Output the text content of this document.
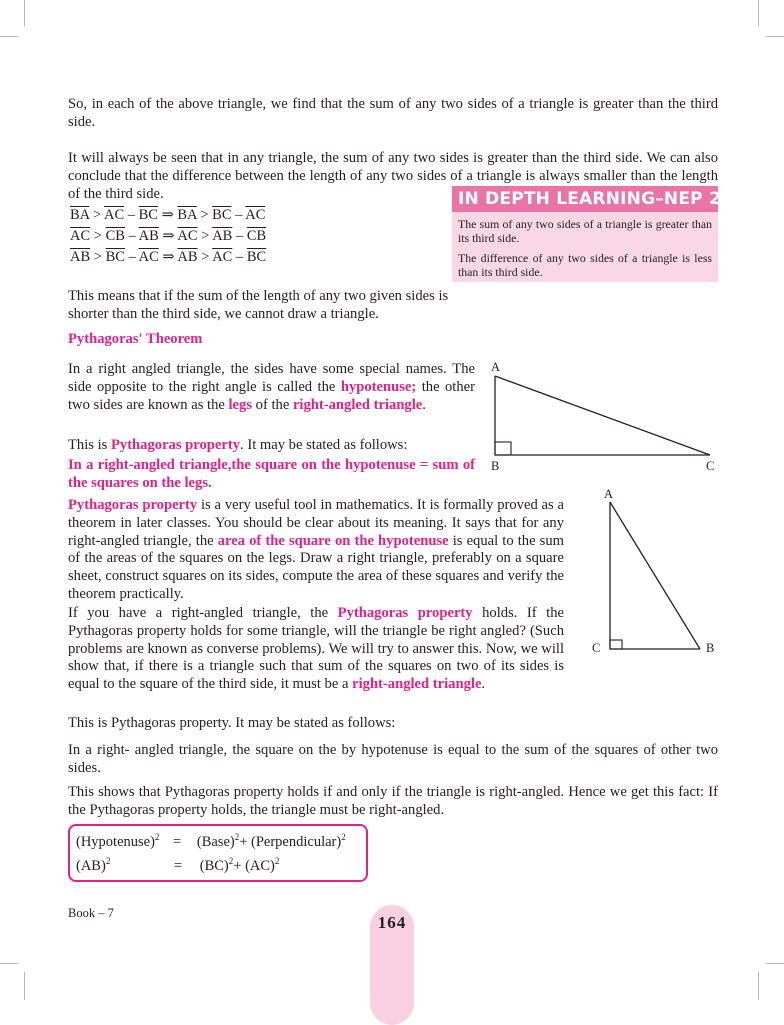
So, in each of the above triangle, we find that the sum of any two sides of a triangle is greater than the third side.

It will always be seen that in any triangle, the sum of any two sides is greater than the third side. We can also conclude that the difference between the length of any two sides of a triangle is always smaller than the length of the third side.

$\overline{BA} > \overline{AC} - \overline{BC}$ ⇒ $\overline{BA} > \overline{BC} - \overline{AC}$
$\overline{AC} > \overline{CB} - \overline{AB}$ ⇒ $\overline{AC} > \overline{AB} - \overline{CB}$
$\overline{AB} > \overline{BC} - \overline{AC}$ ⇒ $\overline{AB} > \overline{AC} - \overline{BC}$
IN DEPTH LEARNING–NEP 2020

The sum of any two sides of a triangle is greater than its third side.

The difference of any two sides of a triangle is less than its third side.

This means that if the sum of the length of any two given sides is shorter than the third side, we cannot draw a triangle.

Pythagoras' Theorem

In a right angled triangle, the sides have some special names. The side opposite to the right angle is called the hypotenuse; the other two sides are known as the legs of the right-angled triangle.

This is Pythagoras property. It may be stated as follows:

In a right-angled triangle,the square on the hypotenuse = sum of the squares on the legs.

A
B	C

Pythagoras property is a very useful tool in mathematics. It is formally proved as a theorem in later classes. You should be clear about its meaning. It says that for any right-angled triangle, the area of the square on the hypotenuse is equal to the sum of the areas of the squares on the legs. Draw a right triangle, preferably on a square sheet, construct squares on its sides, compute the area of these squares and verify the theorem practically.

If you have a right-angled triangle, the Pythagoras property holds. If the Pythagoras property holds for some triangle, will the triangle be right angled? (Such problems are known as converse problems). We will try to answer this. Now, we will show that, if there is a triangle such that sum of the squares on two of its sides is equal to the square of the third side, it must be a right-angled triangle.

A
C	B

This is Pythagoras property. It may be stated as follows:

In a right- angled triangle, the square on the by hypotenuse is equal to the sum of the squares of other two sides.

This shows that Pythagoras property holds if and only if the triangle is right-angled. Hence we get this fact: If the Pythagoras property holds, the triangle must be right-angled.

(Hypotenuse)$^2$ = (Base)$^2$+ (Perpendicular)$^2$
(AB)$^2$	= (BC)$^2$+ (AC)$^2$
Book – 7	164
